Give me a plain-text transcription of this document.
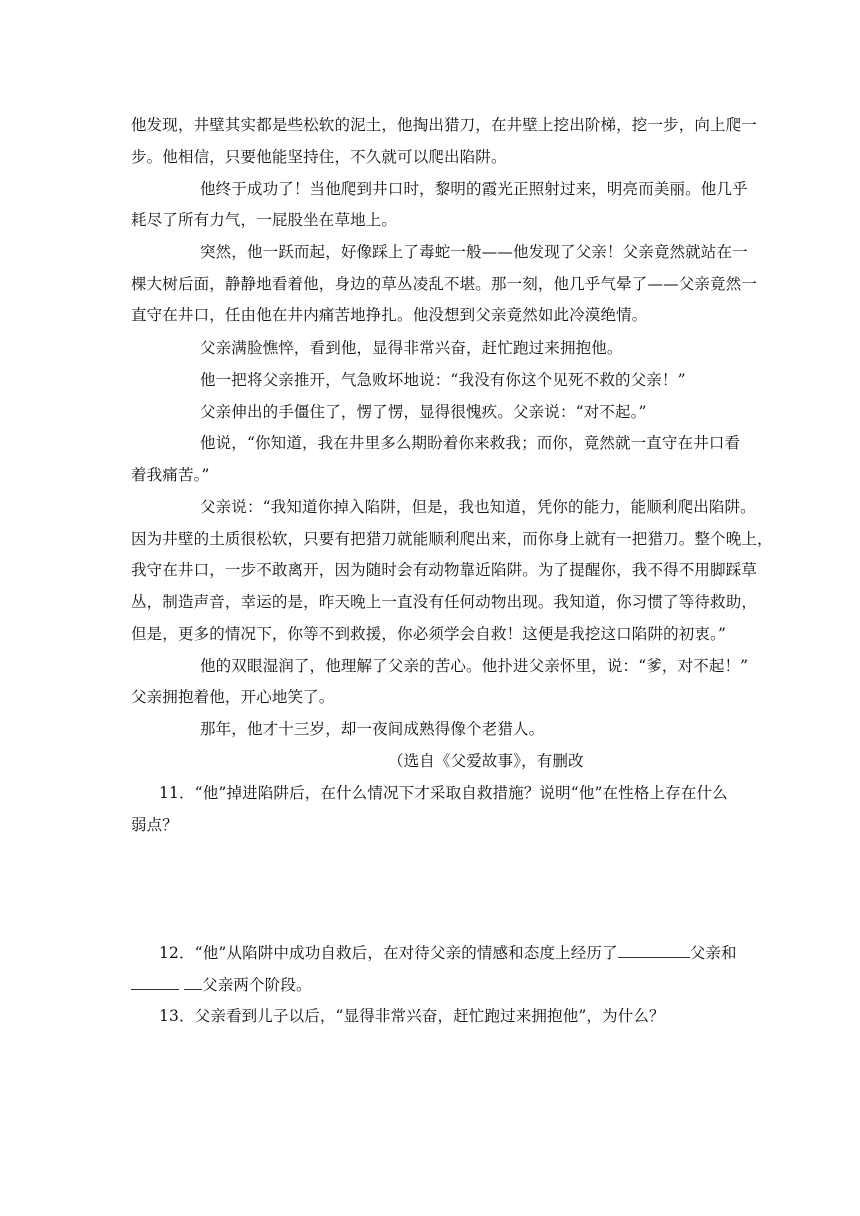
他发现，井壁其实都是些松软的泥土，他掏出猎刀，在井壁上挖出阶梯，挖一步，向上爬一
步。他相信，只要他能坚持住，不久就可以爬出陷阱。
他终于成功了！当他爬到井口时，黎明的霞光正照射过来，明亮而美丽。他几乎
耗尽了所有力气，一屁股坐在草地上。
突然，他一跃而起，好像踩上了毒蛇一般——他发现了父亲！父亲竟然就站在一
棵大树后面，静静地看着他，身边的草丛凌乱不堪。那一刻，他几乎气晕了——父亲竟然一
直守在井口，任由他在井内痛苦地挣扎。他没想到父亲竟然如此冷漠绝情。
父亲满脸憔悴，看到他，显得非常兴奋，赶忙跑过来拥抱他。
他一把将父亲推开，气急败坏地说：“我没有你这个见死不救的父亲！”
父亲伸出的手僵住了，愣了愣，显得很愧疚。父亲说：“对不起。”
他说，“你知道，我在井里多么期盼着你来救我；而你，竟然就一直守在井口看
着我痛苦。”
父亲说：“我知道你掉入陷阱，但是，我也知道，凭你的能力，能顺利爬出陷阱。
因为井壁的土质很松软，只要有把猎刀就能顺利爬出来，而你身上就有一把猎刀。整个晚上，
我守在井口，一步不敢离开，因为随时会有动物靠近陷阱。为了提醒你，我不得不用脚踩草
丛，制造声音，幸运的是，昨天晚上一直没有任何动物出现。我知道，你习惯了等待救助，
但是，更多的情况下，你等不到救援，你必须学会自救！这便是我挖这口陷阱的初衷。”
他的双眼湿润了，他理解了父亲的苦心。他扑进父亲怀里，说：“爹，对不起！”
父亲拥抱着他，开心地笑了。
那年，他才十三岁，却一夜间成熟得像个老猎人。
（选自《父爱故事》，有删改
11．“他”掉进陷阱后，在什么情况下才采取自救措施？说明“他”在性格上存在什么
弱点？
12．“他”从陷阱中成功自救后，在对待父亲的情感和态度上经历了	父亲和
父亲两个阶段。
13．父亲看到儿子以后，“显得非常兴奋，赶忙跑过来拥抱他”，为什么？
